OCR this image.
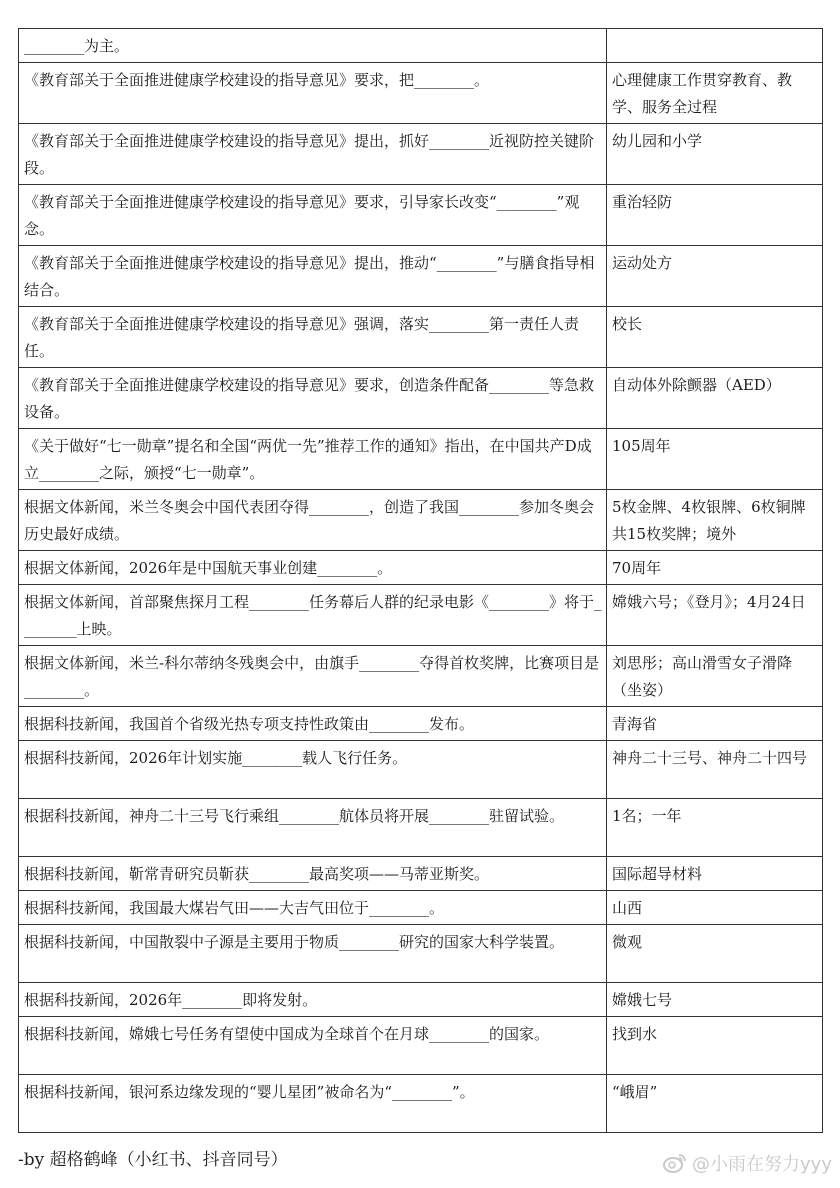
________为主。	
《教育部关于全面推进健康学校建设的指导意见》要求，把________。	心理健康工作贯穿教育、教学、服务全过程
《教育部关于全面推进健康学校建设的指导意见》提出，抓好________近视防控关键阶段。	幼儿园和小学
《教育部关于全面推进健康学校建设的指导意见》要求，引导家长改变“________”观念。	重治轻防
《教育部关于全面推进健康学校建设的指导意见》提出，推动“________”与膳食指导相结合。	运动处方
《教育部关于全面推进健康学校建设的指导意见》强调，落实________第一责任人责任。	校长
《教育部关于全面推进健康学校建设的指导意见》要求，创造条件配备________等急救设备。	自动体外除颤器（AED）
《关于做好“七一勋章”提名和全国“两优一先”推荐工作的通知》指出，在中国共产D成立________之际，颁授“七一勋章”。	105周年
根据文体新闻，米兰冬奥会中国代表团夺得________，创造了我国________参加冬奥会历史最好成绩。	5枚金牌、4枚银牌、6枚铜牌共15枚奖牌；境外
根据文体新闻，2026年是中国航天事业创建________。	70周年
根据文体新闻，首部聚焦探月工程________任务幕后人群的纪录电影《________》将于________上映。	嫦娥六号；《登月》；4月24日
根据文体新闻，米兰-科尔蒂纳冬残奥会中，由旗手________夺得首枚奖牌，比赛项目是________。	刘思彤；高山滑雪女子滑降（坐姿）
根据科技新闻，我国首个省级光热专项支持性政策由________发布。	青海省
根据科技新闻，2026年计划实施________载人飞行任务。	神舟二十三号、神舟二十四号
根据科技新闻，神舟二十三号飞行乘组________航体员将开展________驻留试验。	1名；一年
根据科技新闻，靳常青研究员靳获________最高奖项——马蒂亚斯奖。	国际超导材料
根据科技新闻，我国最大煤岩气田——大吉气田位于________。	山西
根据科技新闻，中国散裂中子源是主要用于物质________研究的国家大科学装置。	微观
根据科技新闻，2026年________即将发射。	嫦娥七号
根据科技新闻，嫦娥七号任务有望使中国成为全球首个在月球________的国家。	找到水
根据科技新闻，银河系边缘发现的“婴儿星团”被命名为“________”。	“峨眉”
-by 超格鹤峰（小红书、抖音同号）	@小雨在努力yyy
